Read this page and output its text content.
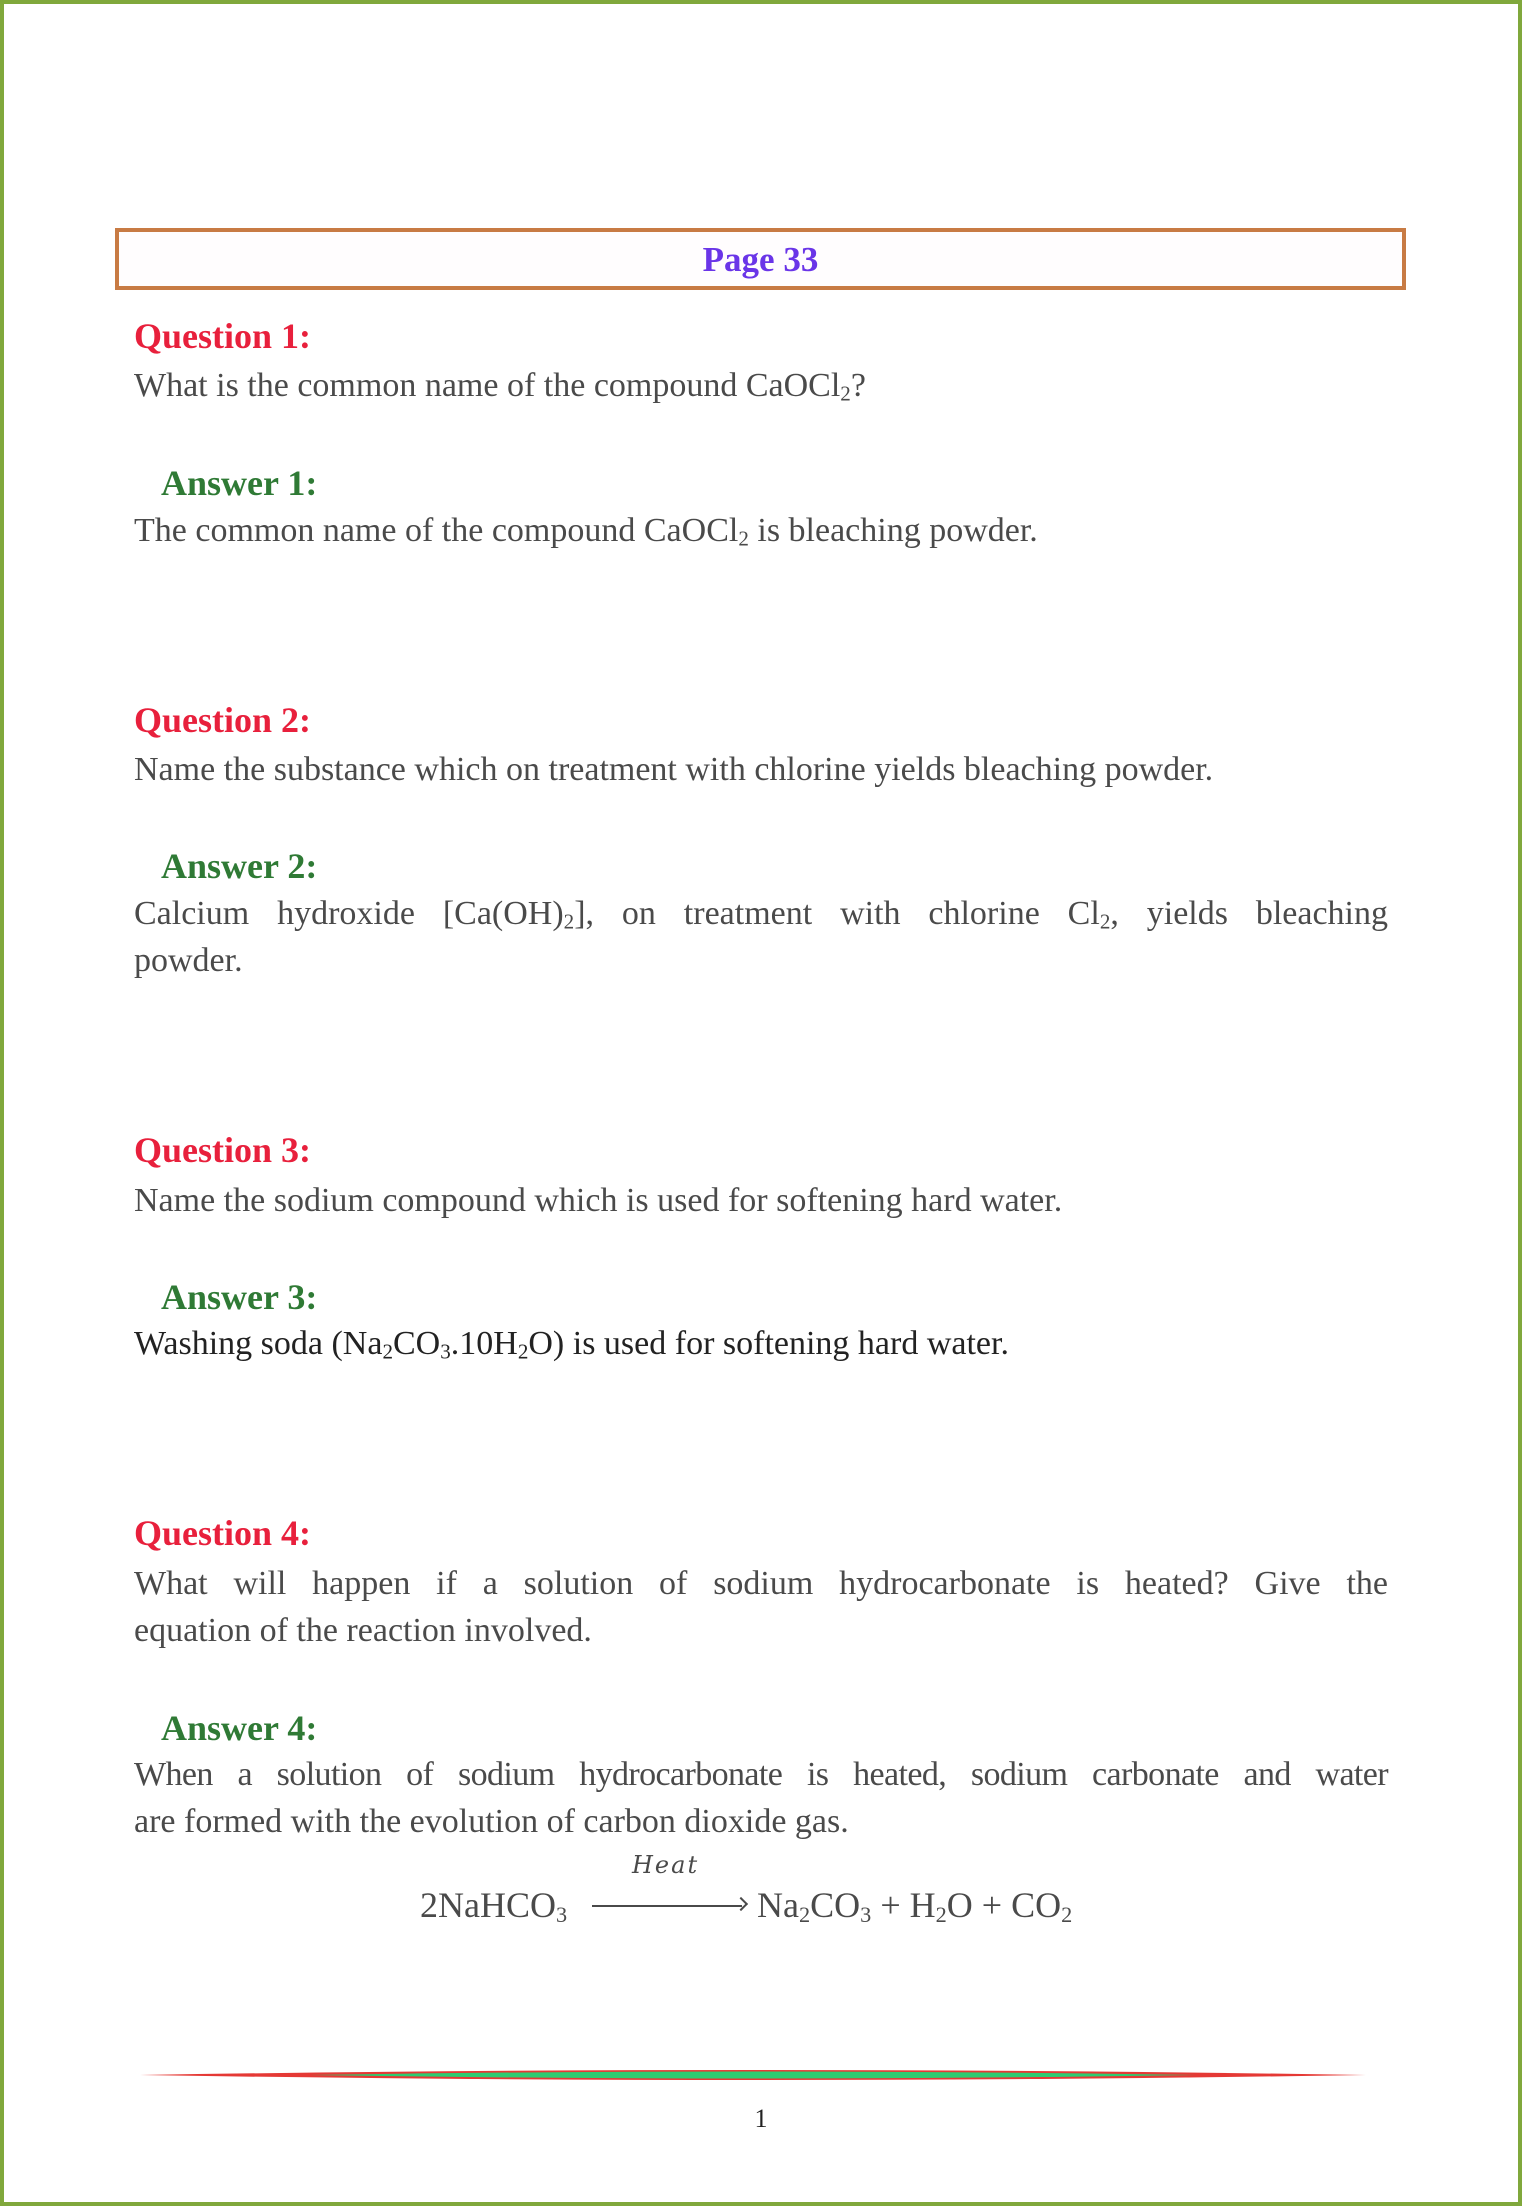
Page 33
Question 1:
What is the common name of the compound CaOCl$_2$?
Answer 1:
The common name of the compound CaOCl$_2$ is bleaching powder.
Question 2:
Name the substance which on treatment with chlorine yields bleaching powder.
Answer 2:
Calcium hydroxide $[Ca(OH)_2]$, on treatment with chlorine $Cl_2$, yields bleaching
powder.
Question 3:
Name the sodium compound which is used for softening hard water.
Answer 3:
Washing soda $(Na_2CO_3.10H_2O)$ is used for softening hard water.
Question 4:
What will happen if a solution of sodium hydrocarbonate is heated? Give the
equation of the reaction involved.
Answer 4:
When a solution of sodium hydrocarbonate is heated, sodium carbonate and water
are formed with the evolution of carbon dioxide gas.
2NaHCO$_3$
Heat
$Na_2CO_3 + H_2O + CO_2$
1
